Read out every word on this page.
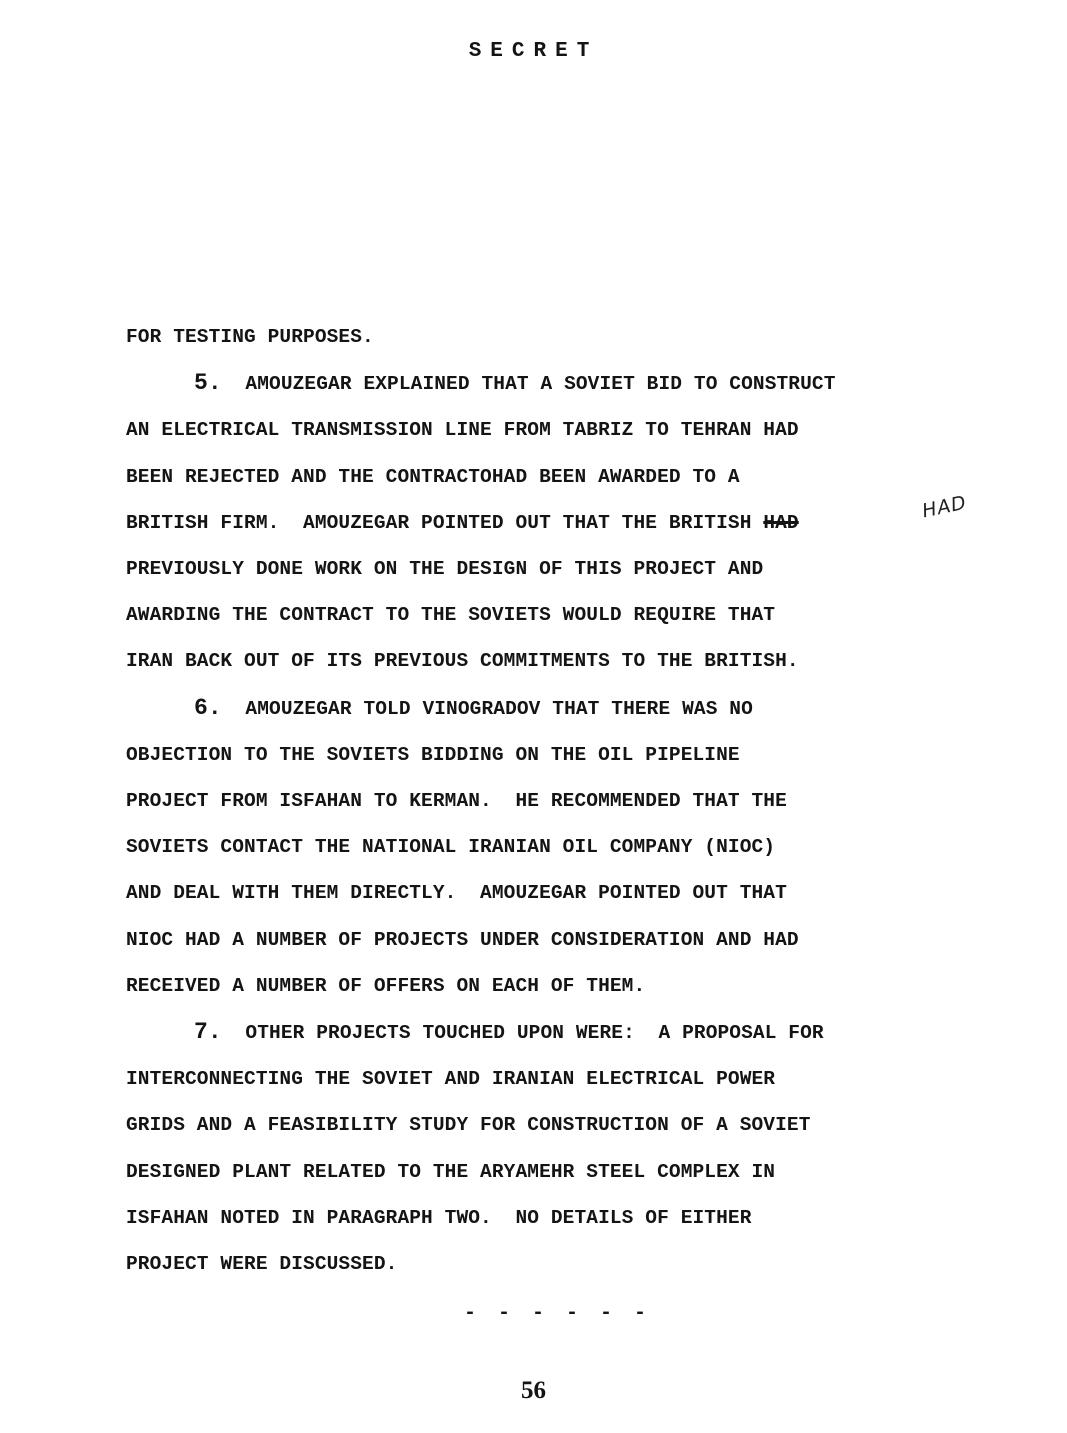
SECRET
FOR TESTING PURPOSES.
5. AMOUZEGAR EXPLAINED THAT A SOVIET BID TO CONSTRUCT
AN ELECTRICAL TRANSMISSION LINE FROM TABRIZ TO TEHRAN HAD
BEEN REJECTED AND THE CONTRACTOHAD BEEN AWARDED TO A
BRITISH FIRM.  AMOUZEGAR POINTED OUT THAT THE BRITISH HAD
PREVIOUSLY DONE WORK ON THE DESIGN OF THIS PROJECT AND
AWARDING THE CONTRACT TO THE SOVIETS WOULD REQUIRE THAT
IRAN BACK OUT OF ITS PREVIOUS COMMITMENTS TO THE BRITISH.
6. AMOUZEGAR TOLD VINOGRADOV THAT THERE WAS NO
OBJECTION TO THE SOVIETS BIDDING ON THE OIL PIPELINE
PROJECT FROM ISFAHAN TO KERMAN.  HE RECOMMENDED THAT THE
SOVIETS CONTACT THE NATIONAL IRANIAN OIL COMPANY (NIOC)
AND DEAL WITH THEM DIRECTLY.  AMOUZEGAR POINTED OUT THAT
NIOC HAD A NUMBER OF PROJECTS UNDER CONSIDERATION AND HAD
RECEIVED A NUMBER OF OFFERS ON EACH OF THEM.
7. OTHER PROJECTS TOUCHED UPON WERE:  A PROPOSAL FOR
INTERCONNECTING THE SOVIET AND IRANIAN ELECTRICAL POWER
GRIDS AND A FEASIBILITY STUDY FOR CONSTRUCTION OF A SOVIET
DESIGNED PLANT RELATED TO THE ARYAMEHR STEEL COMPLEX IN
ISFAHAN NOTED IN PARAGRAPH TWO.  NO DETAILS OF EITHER
PROJECT WERE DISCUSSED.
HAD
- - - - - -
56
